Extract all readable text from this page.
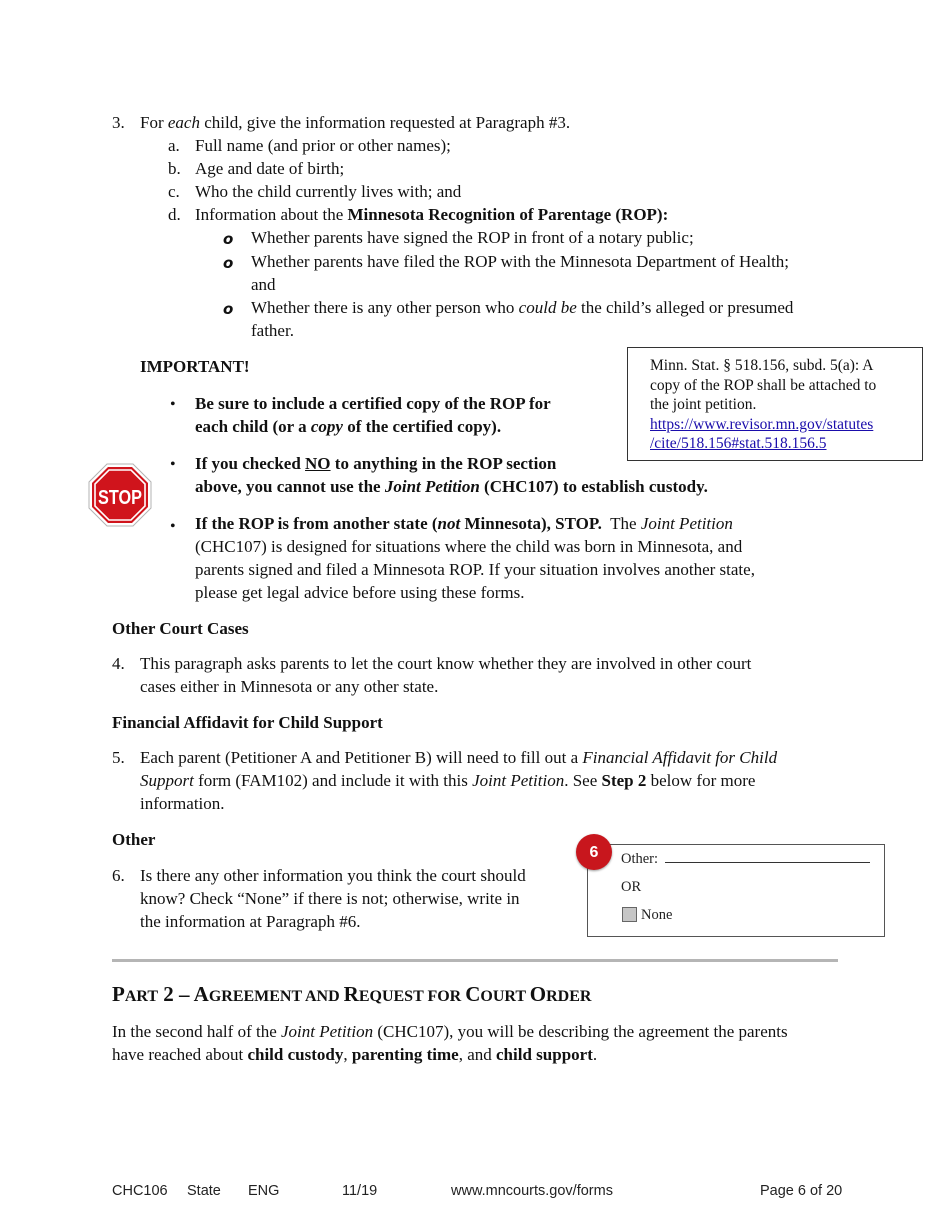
3. For each child, give the information requested at Paragraph #3.
a. Full name (and prior or other names);
b. Age and date of birth;
c. Who the child currently lives with; and
d. Information about the Minnesota Recognition of Parentage (ROP):
o Whether parents have signed the ROP in front of a notary public;
o Whether parents have filed the ROP with the Minnesota Department of Health;
and
o Whether there is any other person who could be the child’s alleged or presumed
father.
IMPORTANT!
• Be sure to include a certified copy of the ROP for
each child (or a copy of the certified copy).
• If you checked NO to anything in the ROP section
above, you cannot use the Joint Petition (CHC107) to establish custody.
STOP
• If the ROP is from another state (not Minnesota), STOP.  The Joint Petition
(CHC107) is designed for situations where the child was born in Minnesota, and
parents signed and filed a Minnesota ROP. If your situation involves another state,
please get legal advice before using these forms.
Minn. Stat. § 518.156, subd. 5(a): A
copy of the ROP shall be attached to
the joint petition.
https://www.revisor.mn.gov/statutes
/cite/518.156#stat.518.156.5
Other Court Cases
4. This paragraph asks parents to let the court know whether they are involved in other court
cases either in Minnesota or any other state.
Financial Affidavit for Child Support
5. Each parent (Petitioner A and Petitioner B) will need to fill out a Financial Affidavit for Child
Support form (FAM102) and include it with this Joint Petition. See Step 2 below for more
information.
Other
6. Is there any other information you think the court should
know? Check “None” if there is not; otherwise, write in
the information at Paragraph #6.
Other:
OR
None
6
PART 2 – AGREEMENT AND REQUEST FOR COURT ORDER
In the second half of the Joint Petition (CHC107), you will be describing the agreement the parents
have reached about child custody, parenting time, and child support.
CHC106 State ENG	11/19	www.mncourts.gov/forms	Page 6 of 20
